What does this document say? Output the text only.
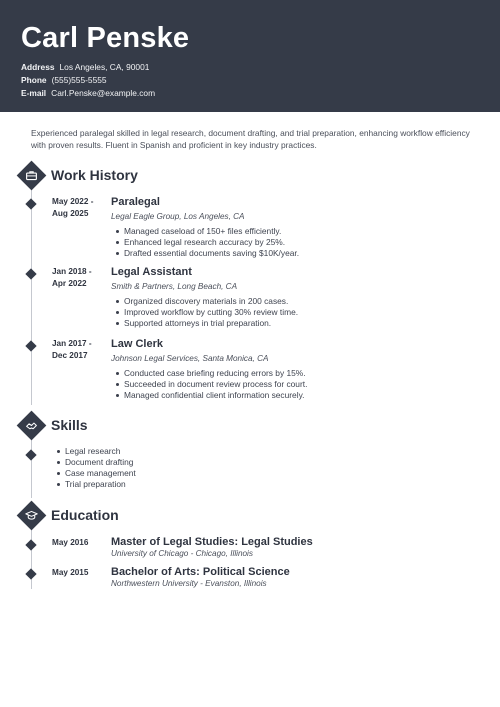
Carl Penske
Address Los Angeles, CA, 90001
Phone (555)555-5555
E-mail Carl.Penske@example.com
Experienced paralegal skilled in legal research, document drafting, and trial preparation, enhancing workflow efficiency with proven results. Fluent in Spanish and proficient in key industry practices.
Work History
May 2022 -
Aug 2025
Paralegal
Legal Eagle Group, Los Angeles, CA
Managed caseload of 150+ files efficiently.
Enhanced legal research accuracy by 25%.
Drafted essential documents saving $10K/year.
Jan 2018 -
Apr 2022
Legal Assistant
Smith & Partners, Long Beach, CA
Organized discovery materials in 200 cases.
Improved workflow by cutting 30% review time.
Supported attorneys in trial preparation.
Jan 2017 -
Dec 2017
Law Clerk
Johnson Legal Services, Santa Monica, CA
Conducted case briefing reducing errors by 15%.
Succeeded in document review process for court.
Managed confidential client information securely.
Skills
Legal research
Document drafting
Case management
Trial preparation
Education
May 2016	Master of Legal Studies: Legal Studies
University of Chicago - Chicago, Illinois
May 2015	Bachelor of Arts: Political Science
Northwestern University - Evanston, Illinois
